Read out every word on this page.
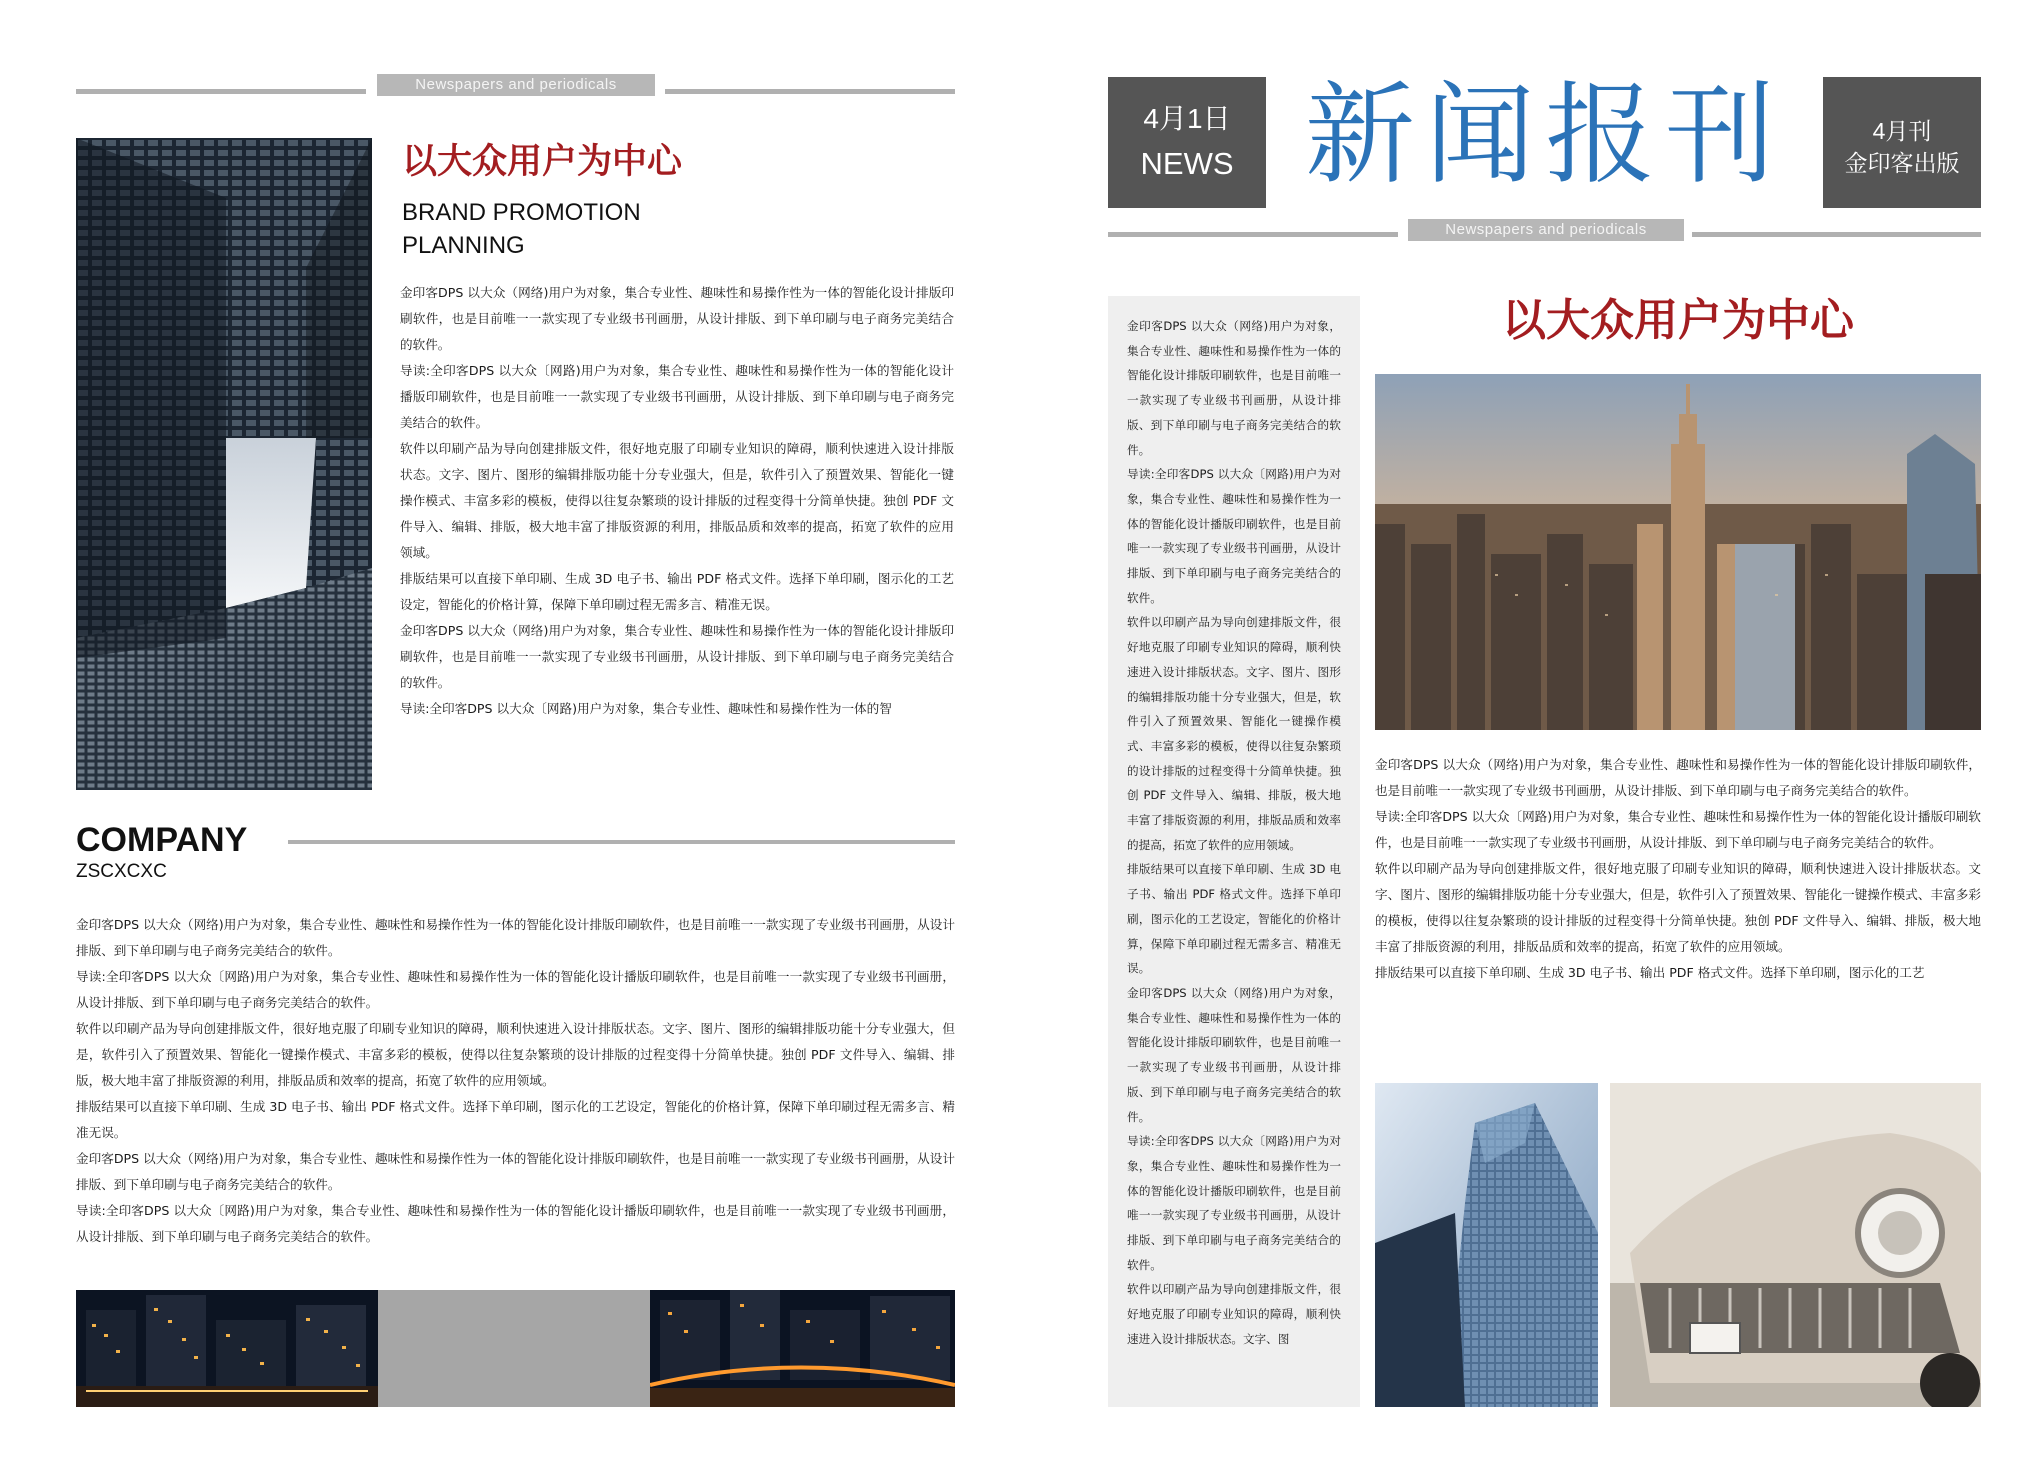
Newspapers and periodicals
以大众用户为中心
BRAND PROMOTION
PLANNING

金印客DPS 以大众（网络)用户为对象，集合专业性、趣味性和易操作性为一体的智能化设计排版印刷软件，也是目前唯一一款实现了专业级书刊画册，从设计排版、到下单印刷与电子商务完美结合的软件。

导读:全印客DPS 以大众〔网路)用户为对象，集合专业性、趣味性和易操作性为一体的智能化设计播版印刷软件，也是目前唯一一款实现了专业级书刊画册，从设计排版、到下单印刷与电子商务完美结合的软件。

软件以印刷产品为导向创建排版文件，很好地克服了印刷专业知识的障碍，顺利快速进入设计排版状态。文字、图片、图形的编辑排版功能十分专业强大，但是，软件引入了预置效果、智能化一键操作模式、丰富多彩的模板，使得以往复杂繁琐的设计排版的过程变得十分简单快捷。独创 PDF 文件导入、编辑、排版，极大地丰富了排版资源的利用，排版品质和效率的提高，拓宽了软件的应用领域。

排版结果可以直接下单印刷、生成 3D 电子书、输出 PDF 格式文件。选择下单印刷，图示化的工艺设定，智能化的价格计算，保障下单印刷过程无需多言、精准无误。

金印客DPS 以大众（网络)用户为对象，集合专业性、趣味性和易操作性为一体的智能化设计排版印刷软件，也是目前唯一一款实现了专业级书刊画册，从设计排版、到下单印刷与电子商务完美结合的软件。

导读:全印客DPS 以大众〔网路)用户为对象，集合专业性、趣味性和易操作性为一体的智

COMPANY
ZSCXCXC

金印客DPS 以大众（网络)用户为对象，集合专业性、趣味性和易操作性为一体的智能化设计排版印刷软件，也是目前唯一一款实现了专业级书刊画册，从设计排版、到下单印刷与电子商务完美结合的软件。

导读:全印客DPS 以大众〔网路)用户为对象，集合专业性、趣味性和易操作性为一体的智能化设计播版印刷软件，也是目前唯一一款实现了专业级书刊画册，从设计排版、到下单印刷与电子商务完美结合的软件。

软件以印刷产品为导向创建排版文件，很好地克服了印刷专业知识的障碍，顺利快速进入设计排版状态。文字、图片、图形的编辑排版功能十分专业强大，但是，软件引入了预置效果、智能化一键操作模式、丰富多彩的模板，使得以往复杂繁琐的设计排版的过程变得十分简单快捷。独创 PDF 文件导入、编辑、排版，极大地丰富了排版资源的利用，排版品质和效率的提高，拓宽了软件的应用领域。

排版结果可以直接下单印刷、生成 3D 电子书、输出 PDF 格式文件。选择下单印刷，图示化的工艺设定，智能化的价格计算，保障下单印刷过程无需多言、精准无误。

金印客DPS 以大众（网络)用户为对象，集合专业性、趣味性和易操作性为一体的智能化设计排版印刷软件，也是目前唯一一款实现了专业级书刊画册，从设计排版、到下单印刷与电子商务完美结合的软件。

导读:全印客DPS 以大众〔网路)用户为对象，集合专业性、趣味性和易操作性为一体的智能化设计播版印刷软件，也是目前唯一一款实现了专业级书刊画册，从设计排版、到下单印刷与电子商务完美结合的软件。

4月1日
NEWS 新闻报刊	4月刊
金印客出版
Newspapers and periodicals

金印客DPS 以大众（网络)用户为对象，集合专业性、趣味性和易操作性为一体的智能化设计排版印刷软件，也是目前唯一一款实现了专业级书刊画册，从设计排版、到下单印刷与电子商务完美结合的软件。

导读:全印客DPS 以大众〔网路)用户为对象，集合专业性、趣味性和易操作性为一体的智能化设计播版印刷软件，也是目前唯一一款实现了专业级书刊画册，从设计排版、到下单印刷与电子商务完美结合的软件。

软件以印刷产品为导向创建排版文件，很好地克服了印刷专业知识的障碍，顺利快速进入设计排版状态。文字、图片、图形的编辑排版功能十分专业强大，但是，软件引入了预置效果、智能化一键操作模式、丰富多彩的模板，使得以往复杂繁琐的设计排版的过程变得十分简单快捷。独创 PDF 文件导入、编辑、排版，极大地丰富了排版资源的利用，排版品质和效率的提高，拓宽了软件的应用领域。

排版结果可以直接下单印刷、生成 3D 电子书、输出 PDF 格式文件。选择下单印刷，图示化的工艺设定，智能化的价格计算，保障下单印刷过程无需多言、精准无误。

金印客DPS 以大众（网络)用户为对象，集合专业性、趣味性和易操作性为一体的智能化设计排版印刷软件，也是目前唯一一款实现了专业级书刊画册，从设计排版、到下单印刷与电子商务完美结合的软件。

导读:全印客DPS 以大众〔网路)用户为对象，集合专业性、趣味性和易操作性为一体的智能化设计播版印刷软件，也是目前唯一一款实现了专业级书刊画册，从设计排版、到下单印刷与电子商务完美结合的软件。

软件以印刷产品为导向创建排版文件，很好地克服了印刷专业知识的障碍，顺利快速进入设计排版状态。文字、图

以大众用户为中心

金印客DPS 以大众（网络)用户为对象，集合专业性、趣味性和易操作性为一体的智能化设计排版印刷软件，也是目前唯一一款实现了专业级书刊画册，从设计排版、到下单印刷与电子商务完美结合的软件。

导读:全印客DPS 以大众〔网路)用户为对象，集合专业性、趣味性和易操作性为一体的智能化设计播版印刷软件，也是目前唯一一款实现了专业级书刊画册，从设计排版、到下单印刷与电子商务完美结合的软件。

软件以印刷产品为导向创建排版文件，很好地克服了印刷专业知识的障碍，顺利快速进入设计排版状态。文字、图片、图形的编辑排版功能十分专业强大，但是，软件引入了预置效果、智能化一键操作模式、丰富多彩的模板，使得以往复杂繁琐的设计排版的过程变得十分简单快捷。独创 PDF 文件导入、编辑、排版，极大地丰富了排版资源的利用，排版品质和效率的提高，拓宽了软件的应用领域。

排版结果可以直接下单印刷、生成 3D 电子书、输出 PDF 格式文件。选择下单印刷，图示化的工艺
